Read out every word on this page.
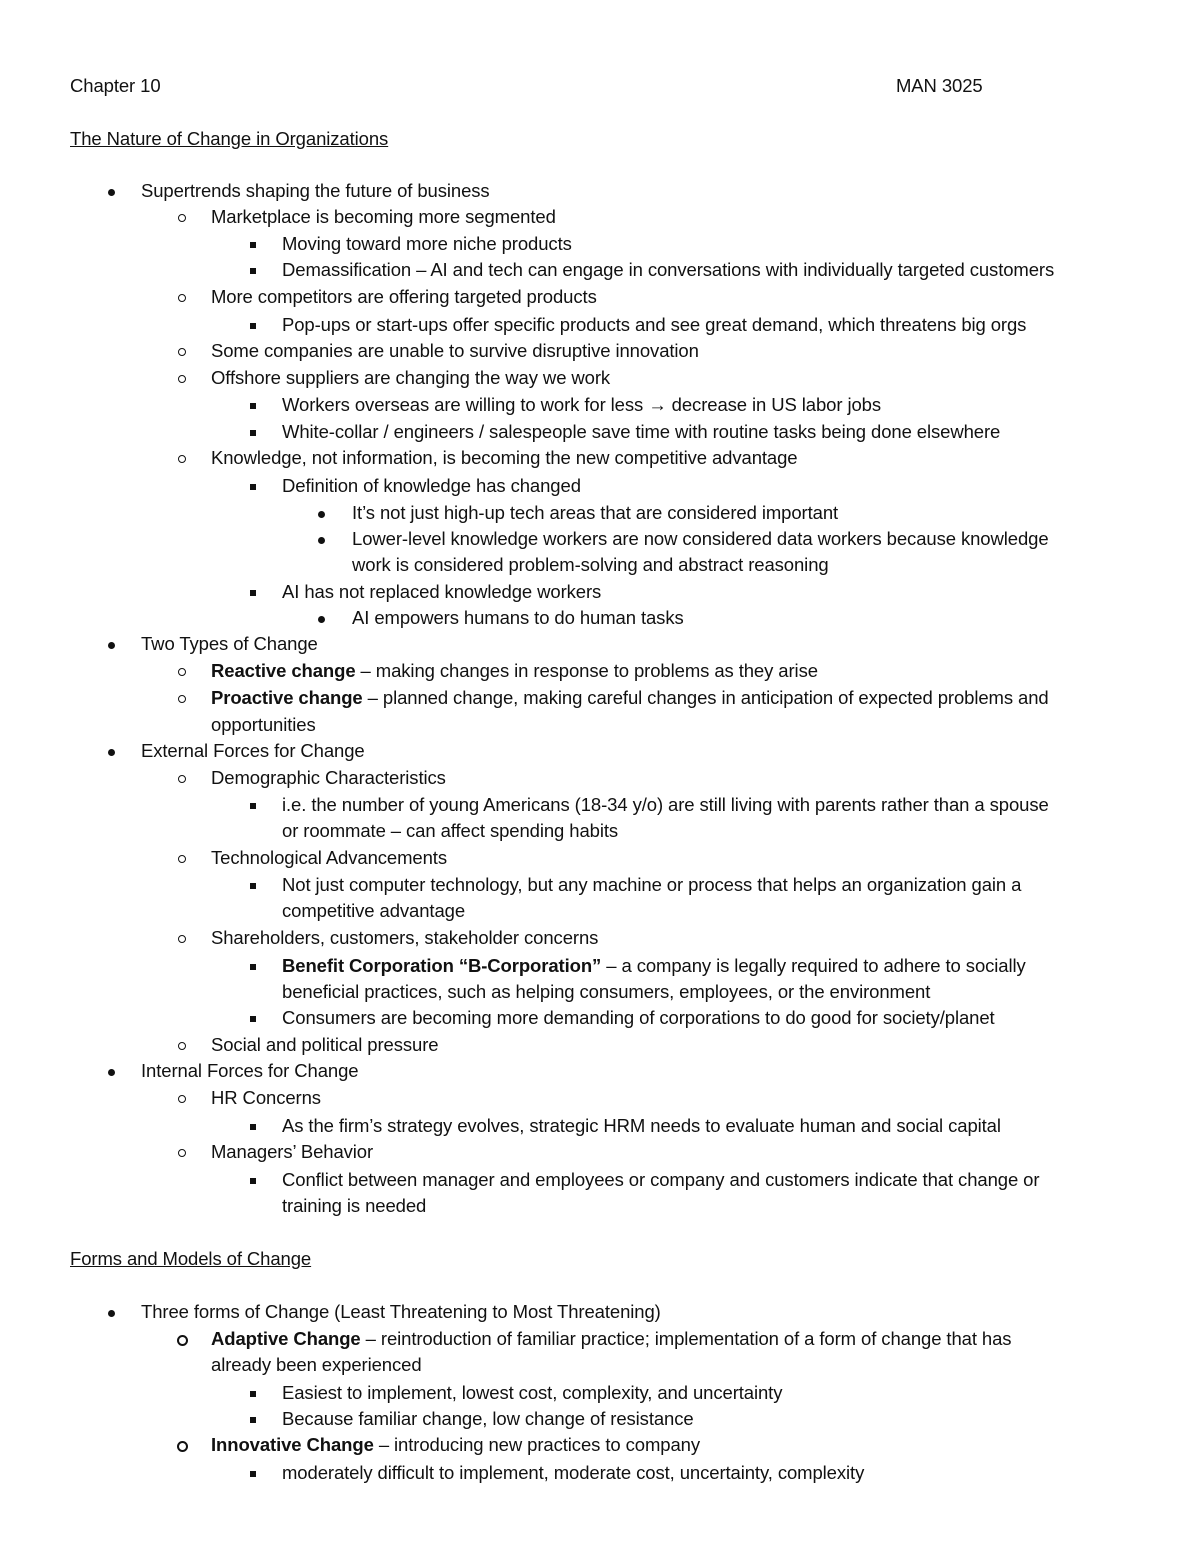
Chapter 10	MAN 3025
The Nature of Change in Organizations
Supertrends shaping the future of business
Marketplace is becoming more segmented
Moving toward more niche products
Demassification – AI and tech can engage in conversations with individually targeted customers
More competitors are offering targeted products
Pop-ups or start-ups offer specific products and see great demand, which threatens big orgs
Some companies are unable to survive disruptive innovation
Offshore suppliers are changing the way we work
Workers overseas are willing to work for less → decrease in US labor jobs
White-collar / engineers / salespeople save time with routine tasks being done elsewhere
Knowledge, not information, is becoming the new competitive advantage
Definition of knowledge has changed
It’s not just high-up tech areas that are considered important
Lower-level knowledge workers are now considered data workers because knowledge
work is considered problem-solving and abstract reasoning
AI has not replaced knowledge workers
AI empowers humans to do human tasks
Two Types of Change
Reactive change – making changes in response to problems as they arise
Proactive change – planned change, making careful changes in anticipation of expected problems and
opportunities
External Forces for Change
Demographic Characteristics
i.e. the number of young Americans (18-34 y/o) are still living with parents rather than a spouse
or roommate – can affect spending habits
Technological Advancements
Not just computer technology, but any machine or process that helps an organization gain a
competitive advantage
Shareholders, customers, stakeholder concerns
Benefit Corporation “B-Corporation” – a company is legally required to adhere to socially
beneficial practices, such as helping consumers, employees, or the environment
Consumers are becoming more demanding of corporations to do good for society/planet
Social and political pressure
Internal Forces for Change
HR Concerns
As the firm’s strategy evolves, strategic HRM needs to evaluate human and social capital
Managers’ Behavior
Conflict between manager and employees or company and customers indicate that change or
training is needed
Forms and Models of Change
Three forms of Change (Least Threatening to Most Threatening)
Adaptive Change – reintroduction of familiar practice; implementation of a form of change that has
already been experienced
Easiest to implement, lowest cost, complexity, and uncertainty
Because familiar change, low change of resistance
Innovative Change – introducing new practices to company
moderately difficult to implement, moderate cost, uncertainty, complexity
